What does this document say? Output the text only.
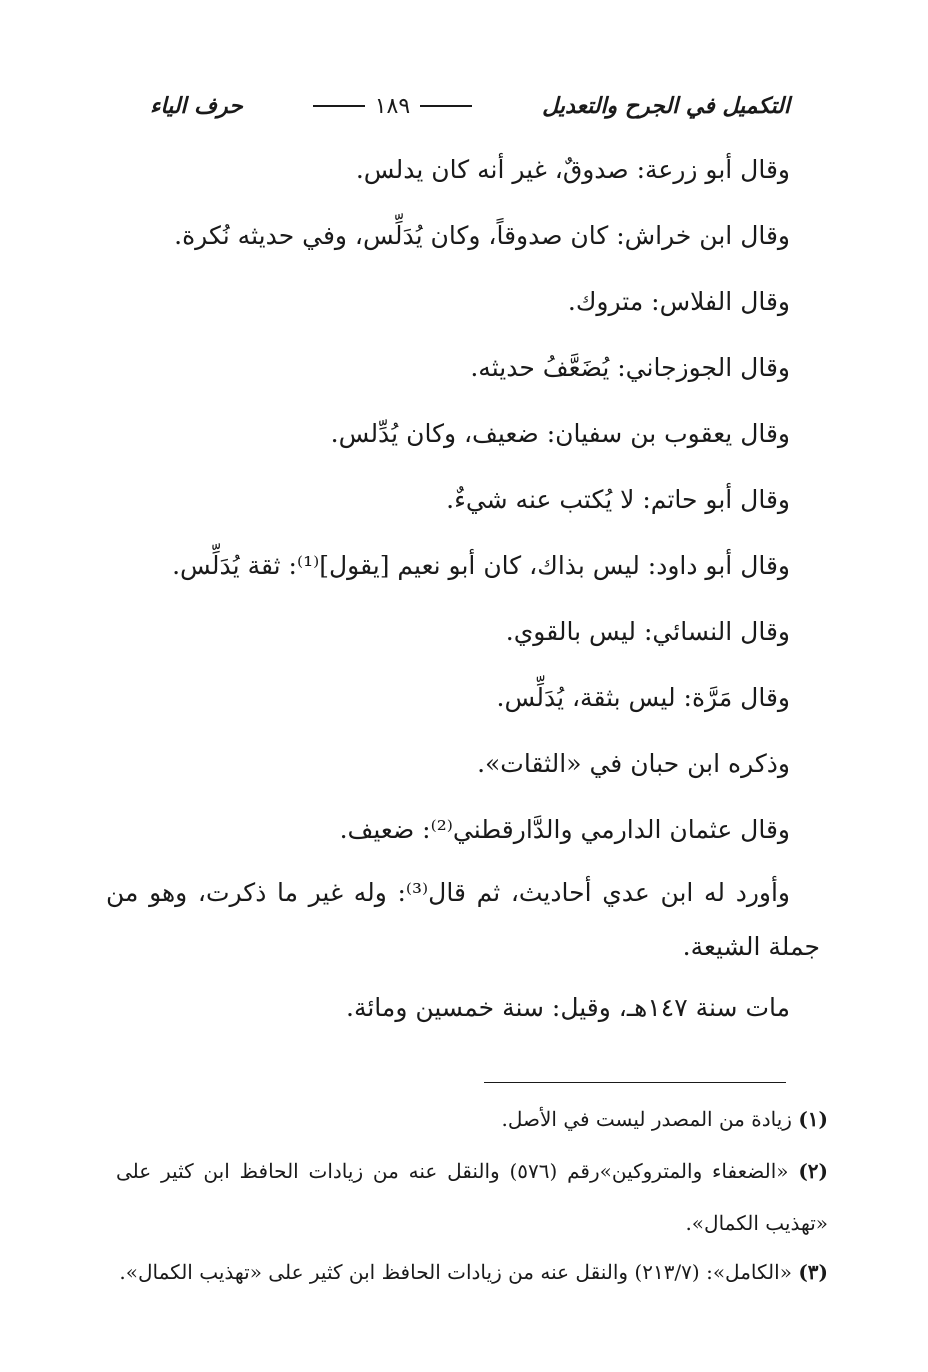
التكميل في الجرح والتعديل
١٨٩
حرف الياء
وقال أبو زرعة: صدوقٌ، غير أنه كان يدلس.
وقال ابن خراش: كان صدوقاً، وكان يُدَلِّس، وفي حديثه نُكرة.
وقال الفلاس: متروك.
وقال الجوزجاني: يُضَعَّفُ حديثه.
وقال يعقوب بن سفيان: ضعيف، وكان يُدِّلس.
وقال أبو حاتم: لا يُكتب عنه شيءٌ.
وقال أبو داود: ليس بذاك، كان أبو نعيم [يقول]⁽¹⁾: ثقة يُدَلِّس.
وقال النسائي: ليس بالقوي.
وقال مَرَّة: ليس بثقة، يُدَلِّس.
وذكره ابن حبان في «الثقات».
وقال عثمان الدارمي والدَّارقطني⁽²⁾: ضعيف.
وأورد له ابن عدي أحاديث، ثم قال⁽³⁾: وله غير ما ذكرت، وهو من جملة الشيعة.
مات سنة ١٤٧هـ، وقيل: سنة خمسين ومائة.
(١) زيادة من المصدر ليست في الأصل.
(٢) «الضعفاء والمتروكين»رقم (٥٧٦) والنقل عنه من زيادات الحافظ ابن كثير على «تهذيب الكمال».
(٣) «الكامل»: (٢١٣/٧) والنقل عنه من زيادات الحافظ ابن كثير على «تهذيب الكمال».
